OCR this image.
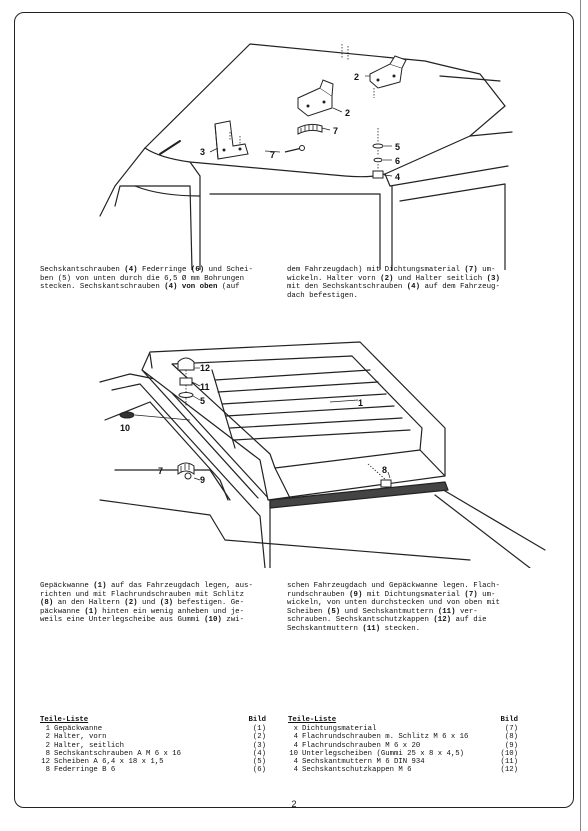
2
2
3
4
5
6
7
7
Sechskantschrauben (4) Federringe (6) und Schei-
ben (5) von unten durch die 6,5 Ø mm Bohrungen
stecken. Sechskantschrauben (4) von oben (auf
dem Fahrzeugdach) mit Dichtungsmaterial (7) um-
wickeln. Halter vorn (2) und Halter seitlich (3)
mit den Sechskantschrauben (4) auf dem Fahrzeug-
dach befestigen.
12
11
5
10
7
9
1
8
Gepäckwanne (1) auf das Fahrzeugdach legen, aus-
richten und mit Flachrundschrauben mit Schlitz
(8) an den Haltern (2) und (3) befestigen. Ge-
päckwanne (1) hinten ein wenig anheben und je-
weils eine Unterlegscheibe aus Gummi (10) zwi-
schen Fahrzeugdach und Gepäckwanne legen. Flach-
rundschrauben (9) mit Dichtungsmaterial (7) um-
wickeln, von unten durchstecken und von oben mit
Scheiben (5) und Sechskantmuttern (11) ver-
schrauben. Sechskantschutzkappen (12) auf die
Sechskantmuttern (11) stecken.
Teile-Liste	Bild
1 Gepäckwanne	(1)
2 Halter, vorn	(2)
2 Halter, seitlich	(3)
8 Sechskantschrauben A M 6 x 16	(4)
12 Scheiben A 6,4 x 18 x 1,5	(5)
8 Federringe B 6	(6)
Teile-Liste	Bild
x Dichtungsmaterial	(7)
4 Flachrundschrauben m. Schlitz M 6 x 16	(8)
4 Flachrundschrauben M 6 x 20	(9)
10 Unterlegscheiben (Gummi 25 x 8 x 4,5)	(10)
4 Sechskantmuttern M 6 DIN 934	(11)
4 Sechskantschutzkappen M 6	(12)
2
